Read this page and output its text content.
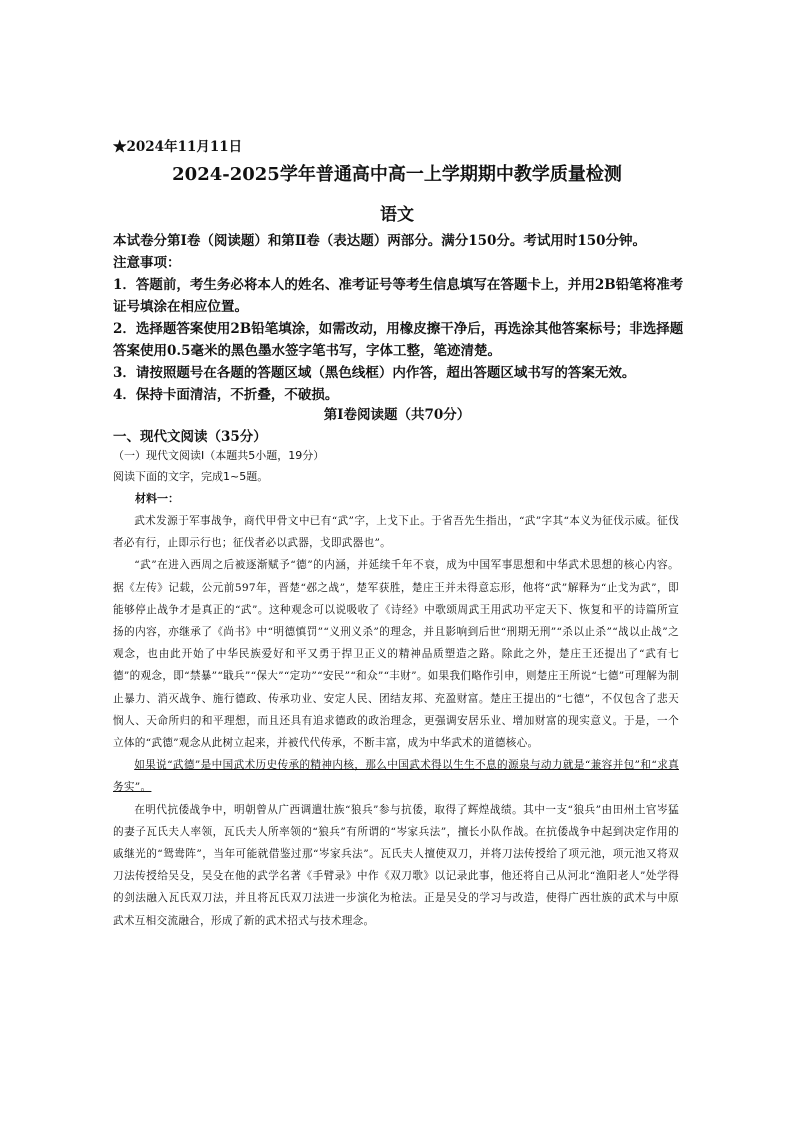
★2024年11月11日
2024-2025学年普通高中高一上学期期中教学质量检测
语文

本试卷分第Ⅰ卷（阅读题）和第Ⅱ卷（表达题）两部分。满分150分。考试用时150分钟。

注意事项：

1．答题前，考生务必将本人的姓名、准考证号等考生信息填写在答题卡上，并用2B铅笔将准考证号填涂在相应位置。

2．选择题答案使用2B铅笔填涂，如需改动，用橡皮擦干净后，再选涂其他答案标号；非选择题答案使用0.5毫米的黑色墨水签字笔书写，字体工整，笔迹清楚。

3．请按照题号在各题的答题区域（黑色线框）内作答，超出答题区域书写的答案无效。

4．保持卡面清洁，不折叠，不破损。

第Ⅰ卷阅读题（共70分）
一、现代文阅读（35分）
（一）现代文阅读Ⅰ（本题共5小题，19分）
阅读下面的文字，完成1~5题。
材料一：

武术发源于军事战争，商代甲骨文中已有“武”字，上戈下止。于省吾先生指出，“武”字其“本义为征伐示威。征伐者必有行，止即示行也；征伐者必以武器，戈即武器也”。

“武”在进入西周之后被逐渐赋予“德”的内涵，并延续千年不衰，成为中国军事思想和中华武术思想的核心内容。据《左传》记载，公元前597年，晋楚“邲之战”，楚军获胜，楚庄王并未得意忘形，他将“武”解释为“止戈为武”，即能够停止战争才是真正的“武”。这种观念可以说吸收了《诗经》中歌颂周武王用武功平定天下、恢复和平的诗篇所宣扬的内容，亦继承了《尚书》中“明德慎罚”“义刑义杀”的理念，并且影响到后世“刑期无刑”“杀以止杀”“战以止战”之观念，也由此开始了中华民族爱好和平又勇于捍卫正义的精神品质塑造之路。除此之外，楚庄王还提出了“武有七德”的观念，即“禁暴”“戢兵”“保大”“定功”“安民”“和众”“丰财”。如果我们略作引申，则楚庄王所说“七德”可理解为制止暴力、消灭战争、施行德政、传承功业、安定人民、团结友邦、充盈财富。楚庄王提出的“七德”，不仅包含了悲天悯人、天命所归的和平理想，而且还具有追求德政的政治理念，更强调安居乐业、增加财富的现实意义。于是，一个立体的“武德”观念从此树立起来，并被代代传承，不断丰富，成为中华武术的道德核心。

如果说“武德”是中国武术历史传承的精神内核，那么中国武术得以生生不息的源泉与动力就是“兼容并包”和“求真务实”。

在明代抗倭战争中，明朝曾从广西调遣壮族“狼兵”参与抗倭，取得了辉煌战绩。其中一支“狼兵”由田州土官岑猛的妻子瓦氏夫人率领，瓦氏夫人所率领的“狼兵”有所谓的“岑家兵法”，擅长小队作战。在抗倭战争中起到决定作用的戚继光的“鸳鸯阵”，当年可能就借鉴过那“岑家兵法”。瓦氏夫人擅使双刀，并将刀法传授给了项元池，项元池又将双刀法传授给吴殳，吴殳在他的武学名著《手臂录》中作《双刀歌》以记录此事，他还将自己从河北“渔阳老人”处学得的剑法融入瓦氏双刀法，并且将瓦氏双刀法进一步演化为枪法。正是吴殳的学习与改造，使得广西壮族的武术与中原武术互相交流融合，形成了新的武术招式与技术理念。
